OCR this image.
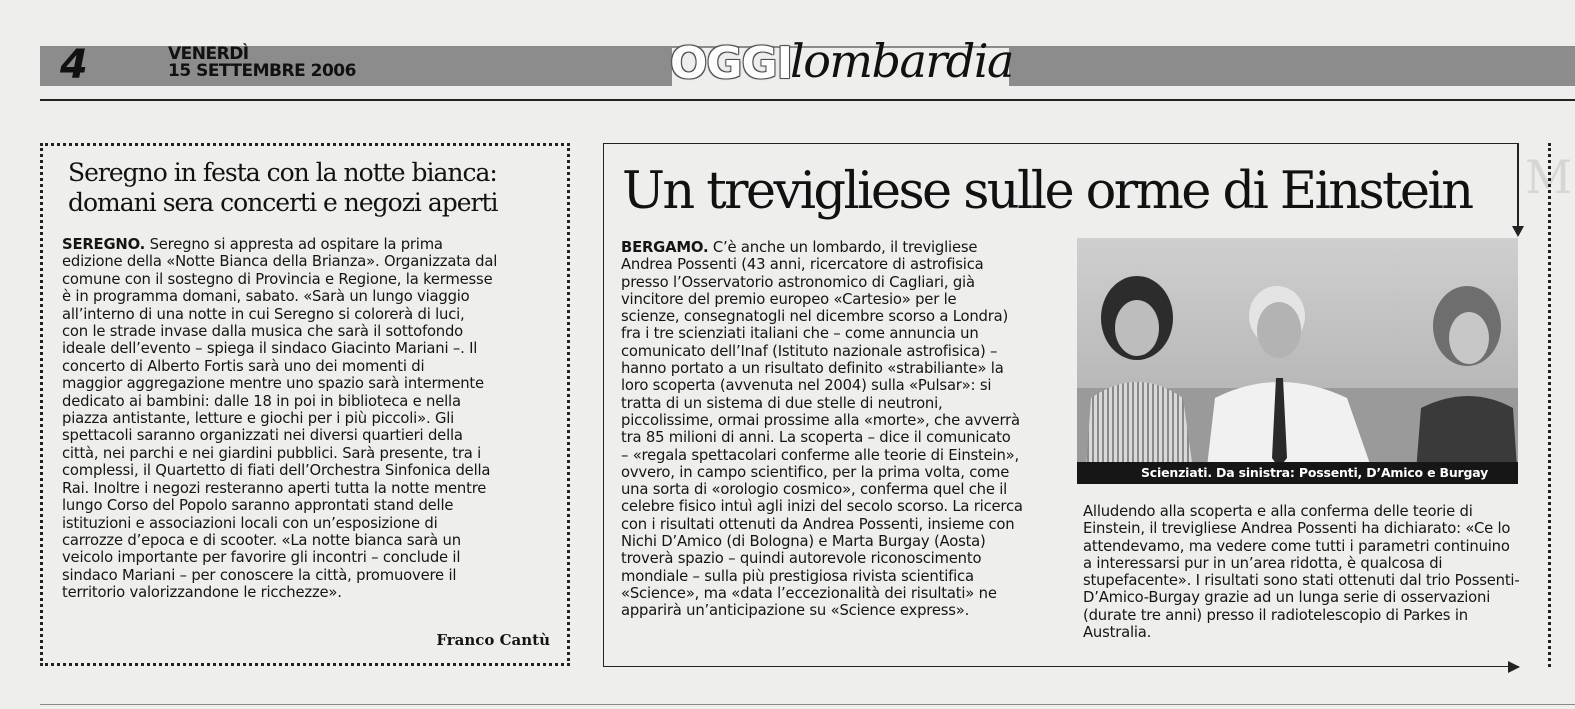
4	VENERDÌ
15 SETTEMBRE 2006	OGGI
lombardia
Seregno in festa con la notte bianca:
domani sera concerti e negozi aperti
SEREGNO. Seregno si appresta ad ospitare la prima
edizione della «Notte Bianca della Brianza». Organizzata dal
comune con il sostegno di Provincia e Regione, la kermesse
è in programma domani, sabato. «Sarà un lungo viaggio
all’interno di una notte in cui Seregno si colorerà di luci,
con le strade invase dalla musica che sarà il sottofondo
ideale dell’evento – spiega il sindaco Giacinto Mariani –. Il
concerto di Alberto Fortis sarà uno dei momenti di
maggior aggregazione mentre uno spazio sarà intermente
dedicato ai bambini: dalle 18 in poi in biblioteca e nella
piazza antistante, letture e giochi per i più piccoli». Gli
spettacoli saranno organizzati nei diversi quartieri della
città, nei parchi e nei giardini pubblici. Sarà presente, tra i
complessi, il Quartetto di fiati dell’Orchestra Sinfonica della
Rai. Inoltre i negozi resteranno aperti tutta la notte mentre
lungo Corso del Popolo saranno approntati stand delle
istituzioni e associazioni locali con un’esposizione di
carrozze d’epoca e di scooter. «La notte bianca sarà un
veicolo importante per favorire gli incontri – conclude il
sindaco Mariani – per conoscere la città, promuovere il
territorio valorizzandone le ricchezze».
Franco Cantù
M
Un trevigliese sulle orme di Einstein
BERGAMO. C’è anche un lombardo, il trevigliese
Andrea Possenti (43 anni, ricercatore di astrofisica
presso l’Osservatorio astronomico di Cagliari, già
vincitore del premio europeo «Cartesio» per le
scienze, consegnatogli nel dicembre scorso a Londra)
fra i tre scienziati italiani che – come annuncia un
comunicato dell’Inaf (Istituto nazionale astrofisica) –
hanno portato a un risultato definito «strabiliante» la
loro scoperta (avvenuta nel 2004) sulla «Pulsar»: si
tratta di un sistema di due stelle di neutroni,
piccolissime, ormai prossime alla «morte», che avverrà
tra 85 milioni di anni. La scoperta – dice il comunicato
– «regala spettacolari conferme alle teorie di Einstein»,
ovvero, in campo scientifico, per la prima volta, come
una sorta di «orologio cosmico», conferma quel che il
celebre fisico intuì agli inizi del secolo scorso. La ricerca
con i risultati ottenuti da Andrea Possenti, insieme con
Nichi D’Amico (di Bologna) e Marta Burgay (Aosta)
troverà spazio – quindi autorevole riconoscimento
mondiale – sulla più prestigiosa rivista scientifica
«Science», ma «data l’eccezionalità dei risultati» ne
apparirà un’anticipazione su «Science express».
Scienziati. Da sinistra: Possenti, D’Amico e Burgay
Alludendo alla scoperta e alla conferma delle teorie di Einstein, il trevigliese Andrea Possenti ha dichiarato: «Ce lo attendevamo, ma vedere come tutti i parametri continuino a interessarsi pur in un’area ridotta, è qualcosa di stupefacente». I risultati sono stati ottenuti dal trio Possenti-D’Amico-Burgay grazie ad un lunga serie di osservazioni (durate tre anni) presso il radiotelescopio di Parkes in Australia.
